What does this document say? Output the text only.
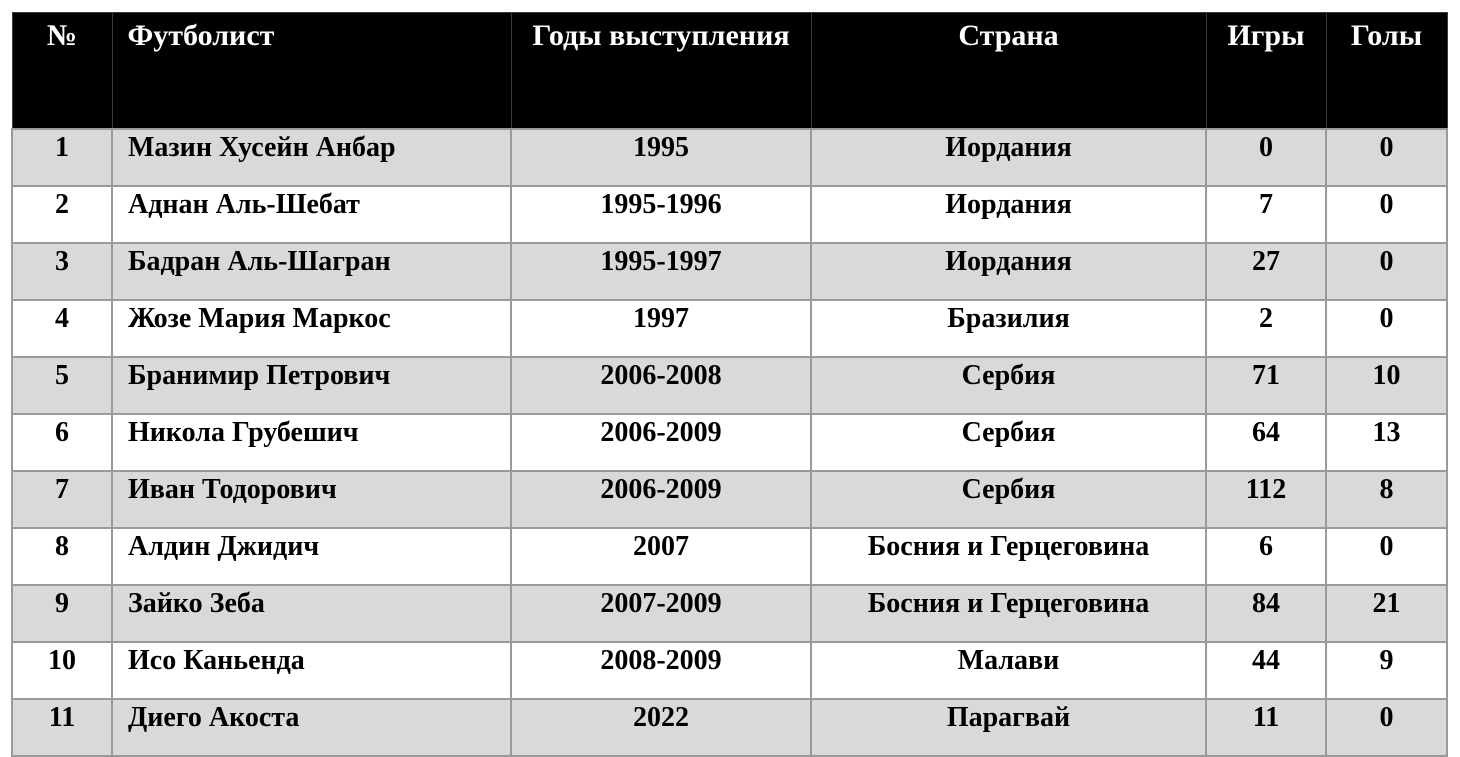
№	Футболист	Годы выступления	Страна	Игры	Голы
1	Мазин Хусейн Анбар	1995	Иордания	0	0
2	Аднан Аль-Шебат	1995-1996	Иордания	7	0
3	Бадран Аль-Шагран	1995-1997	Иордания	27	0
4	Жозе Мария Маркос	1997	Бразилия	2	0
5	Бранимир Петрович	2006-2008	Сербия	71	10
6	Никола Грубешич	2006-2009	Сербия	64	13
7	Иван Тодорович	2006-2009	Сербия	112	8
8	Алдин Джидич	2007	Босния и Герцеговина	6	0
9	Зайко Зеба	2007-2009	Босния и Герцеговина	84	21
10	Исо Каньенда	2008-2009	Малави	44	9
11	Диего Акоста	2022	Парагвай	11	0
